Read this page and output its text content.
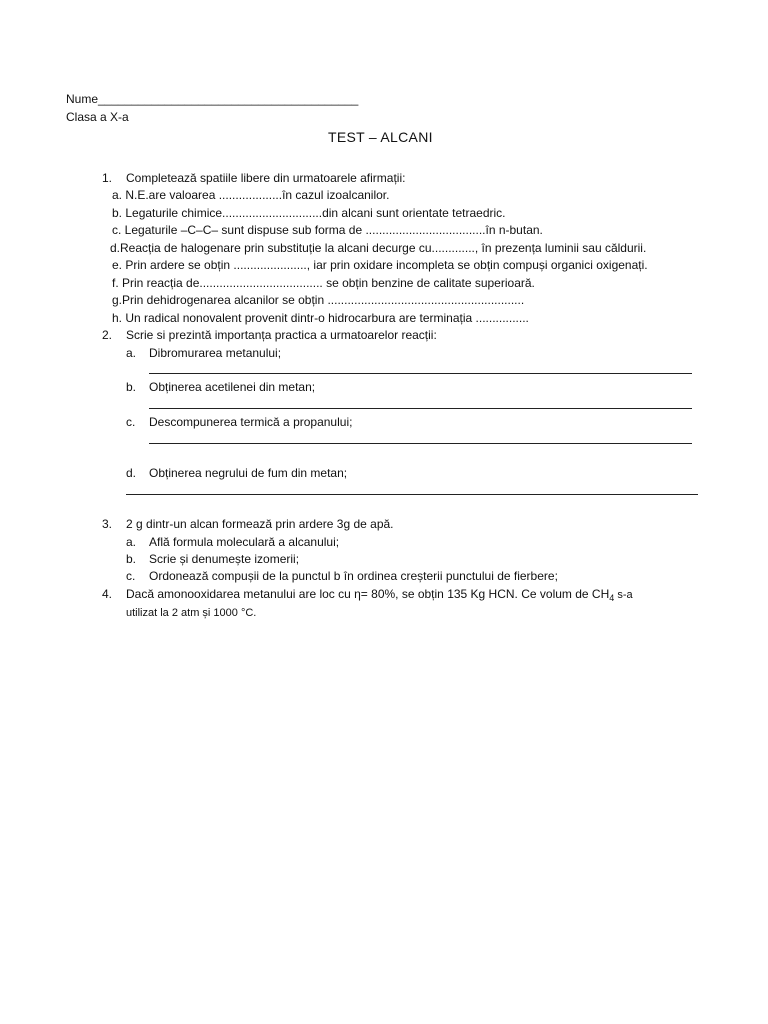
Nume_______________________________________
Clasa a X-a
TEST – ALCANI
1. Completează spatiile libere din urmatoarele afirmații:
a. N.E.are valoarea ...................în cazul izoalcanilor.
b. Legaturile chimice..............................din alcani sunt orientate tetraedric.
c. Legaturile –C–C– sunt dispuse sub forma de ....................................în n-butan.
d.Reacția de halogenare prin substituție la alcani decurge cu............., în prezența luminii sau căldurii.
e. Prin ardere se obțin ......................, iar prin oxidare incompleta se obțin compuși organici oxigenați.
f. Prin reacția de..................................... se obțin benzine de calitate superioară.
g.Prin dehidrogenarea alcanilor se obțin ...........................................................
h. Un radical nonovalent provenit dintr-o hidrocarbura are terminația ................
2. Scrie si prezintă importanța practica a urmatoarelor reacții:
a. Dibromurarea metanului;
b. Obținerea acetilenei din metan;
c. Descompunerea termică a propanului;
d. Obținerea negrului de fum din metan;
3. 2 g dintr-un alcan formează prin ardere 3g de apă.
a. Află formula moleculară a alcanului;
b. Scrie și denumește izomerii;
c. Ordonează compușii de la punctul b în ordinea creșterii punctului de fierbere;
4. Dacă amonooxidarea metanului are loc cu η= 80%, se obțin 135 Kg HCN. Ce volum de $CH_4$ s-a
utilizat la 2 atm și 1000 °C.
